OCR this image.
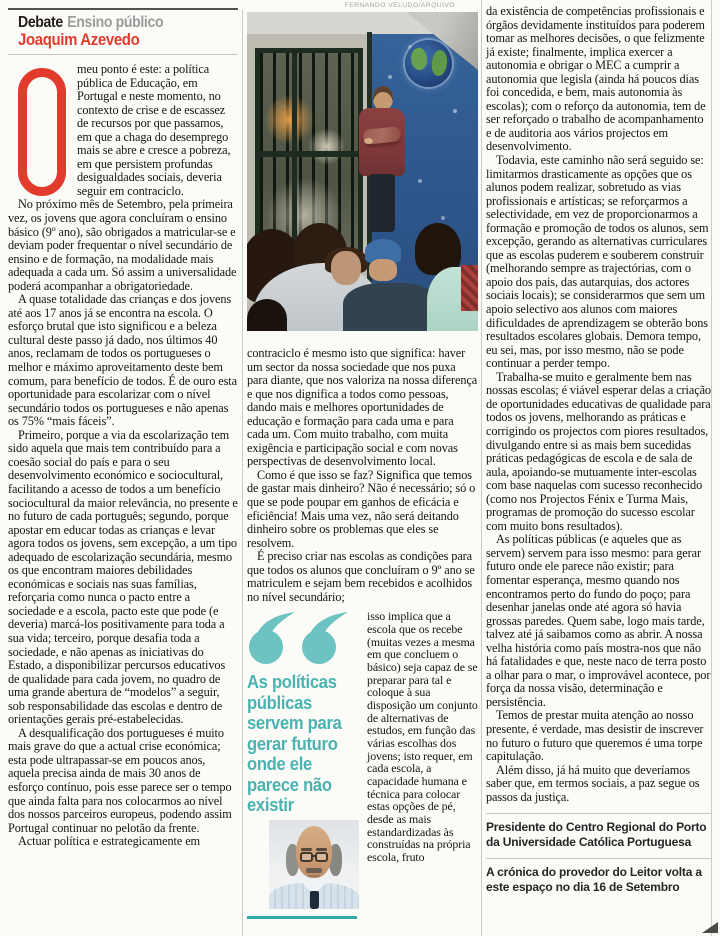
Debate Ensino público
Joaquim Azevedo

meu ponto é este: a política pública de Educação, em Portugal e neste momento, no contexto de crise e de escassez de recursos por que passamos, em que a chaga do desemprego mais se abre e cresce a pobreza, em que persistem profundas desigualdades sociais, deveria seguir em contraciclo.

No próximo mês de Setembro, pela primeira vez, os jovens que agora concluíram o ensino básico (9º ano), são obrigados a matricular-se e deviam poder frequentar o nível secundário de ensino e de formação, na modalidade mais adequada a cada um. Só assim a universalidade poderá acompanhar a obrigatoriedade.

A quase totalidade das crianças e dos jovens até aos 17 anos já se encontra na escola. O esforço brutal que isto significou e a beleza cultural deste passo já dado, nos últimos 40 anos, reclamam de todos os portugueses o melhor e máximo aproveitamento deste bem comum, para benefício de todos. É de ouro esta oportunidade para escolarizar com o nível secundário todos os portugueses e não apenas os 75% “mais fáceis”.

Primeiro, porque a via da escolarização tem sido aquela que mais tem contribuído para a coesão social do país e para o seu desenvolvimento económico e sociocultural, facilitando a acesso de todos a um benefício sociocultural da maior relevância, no presente e no futuro de cada português; segundo, porque apostar em educar todas as crianças e levar agora todos os jovens, sem excepção, a um tipo adequado de escolarização secundária, mesmo os que encontram maiores debilidades económicas e sociais nas suas famílias, reforçaria como nunca o pacto entre a sociedade e a escola, pacto este que pode (e deveria) marcá-los positivamente para toda a sua vida; terceiro, porque desafia toda a sociedade, e não apenas as iniciativas do Estado, a disponibilizar percursos educativos de qualidade para cada jovem, no quadro de uma grande abertura de “modelos” a seguir, sob responsabilidade das escolas e dentro de orientações gerais pré-estabelecidas.

A desqualificação dos portugueses é muito mais grave do que a actual crise económica; esta pode ultrapassar-se em poucos anos, aquela precisa ainda de mais 30 anos de esforço contínuo, pois esse parece ser o tempo que ainda falta para nos colocarmos ao nível dos nossos parceiros europeus, podendo assim Portugal continuar no pelotão da frente.

Actuar política e estrategicamente em

FERNANDO VELUDO/ARQUIVO

contraciclo é mesmo isto que significa: haver um sector da nossa sociedade que nos puxa para diante, que nos valoriza na nossa diferença e que nos dignifica a todos como pessoas, dando mais e melhores oportunidades de educação e formação para cada uma e para cada um. Com muito trabalho, com muita exigência e participação social e com novas perspectivas de desenvolvimento local.

Como é que isso se faz? Significa que temos de gastar mais dinheiro? Não é necessário; só o que se pode poupar em ganhos de eficácia e eficiência! Mais uma vez, não será deitando dinheiro sobre os problemas que eles se resolvem.

É preciso criar nas escolas as condições para que todos os alunos que concluíram o 9º ano se matriculem e sejam bem recebidos e acolhidos no nível secundário;

As políticas públicas servem para gerar futuro onde ele parece não existir

isso implica que a escola que os recebe (muitas vezes a mesma em que concluem o básico) seja capaz de se preparar para tal e coloque à sua disposição um conjunto de alternativas de estudos, em função das várias escolhas dos jovens; isto requer, em cada escola, a capacidade humana e técnica para colocar estas opções de pé, desde as mais estandardizadas às construídas na própria escola, fruto

da existência de competências profissionais e órgãos devidamente instituídos para poderem tomar as melhores decisões, o que felizmente já existe; finalmente, implica exercer a autonomia e obrigar o MEC a cumprir a autonomia que legisla (ainda há poucos dias foi concedida, e bem, mais autonomia às escolas); com o reforço da autonomia, tem de ser reforçado o trabalho de acompanhamento e de auditoria aos vários projectos em desenvolvimento.

Todavia, este caminho não será seguido se: limitarmos drasticamente as opções que os alunos podem realizar, sobretudo as vias profissionais e artísticas; se reforçarmos a selectividade, em vez de proporcionarmos a formação e promoção de todos os alunos, sem excepção, gerando as alternativas curriculares que as escolas puderem e souberem construir (melhorando sempre as trajectórias, com o apoio dos pais, das autarquias, dos actores sociais locais); se considerarmos que sem um apoio selectivo aos alunos com maiores dificuldades de aprendizagem se obterão bons resultados escolares globais. Demora tempo, eu sei, mas, por isso mesmo, não se pode continuar a perder tempo.

Trabalha-se muito e geralmente bem nas nossas escolas; é viável esperar delas a criação de oportunidades educativas de qualidade para todos os jovens, melhorando as práticas e corrigindo os projectos com piores resultados, divulgando entre si as mais bem sucedidas práticas pedagógicas de escola e de sala de aula, apoiando-se mutuamente inter-escolas com base naquelas com sucesso reconhecido (como nos Projectos Fénix e Turma Mais, programas de promoção do sucesso escolar com muito bons resultados).

As políticas públicas (e aqueles que as servem) servem para isso mesmo: para gerar futuro onde ele parece não existir; para fomentar esperança, mesmo quando nos encontramos perto do fundo do poço; para desenhar janelas onde até agora só havia grossas paredes. Quem sabe, logo mais tarde, talvez até já saibamos como as abrir. A nossa velha história como país mostra-nos que não há fatalidades e que, neste naco de terra posto a olhar para o mar, o improvável acontece, por força da nossa visão, determinação e persistência.

Temos de prestar muita atenção ao nosso presente, é verdade, mas desistir de inscrever no futuro o futuro que queremos é uma torpe capitulação.

Além disso, já há muito que deveríamos saber que, em termos sociais, a paz segue os passos da justiça.

Presidente do Centro Regional do Porto da Universidade Católica Portuguesa
A crónica do provedor do Leitor volta a este espaço no dia 16 de Setembro
